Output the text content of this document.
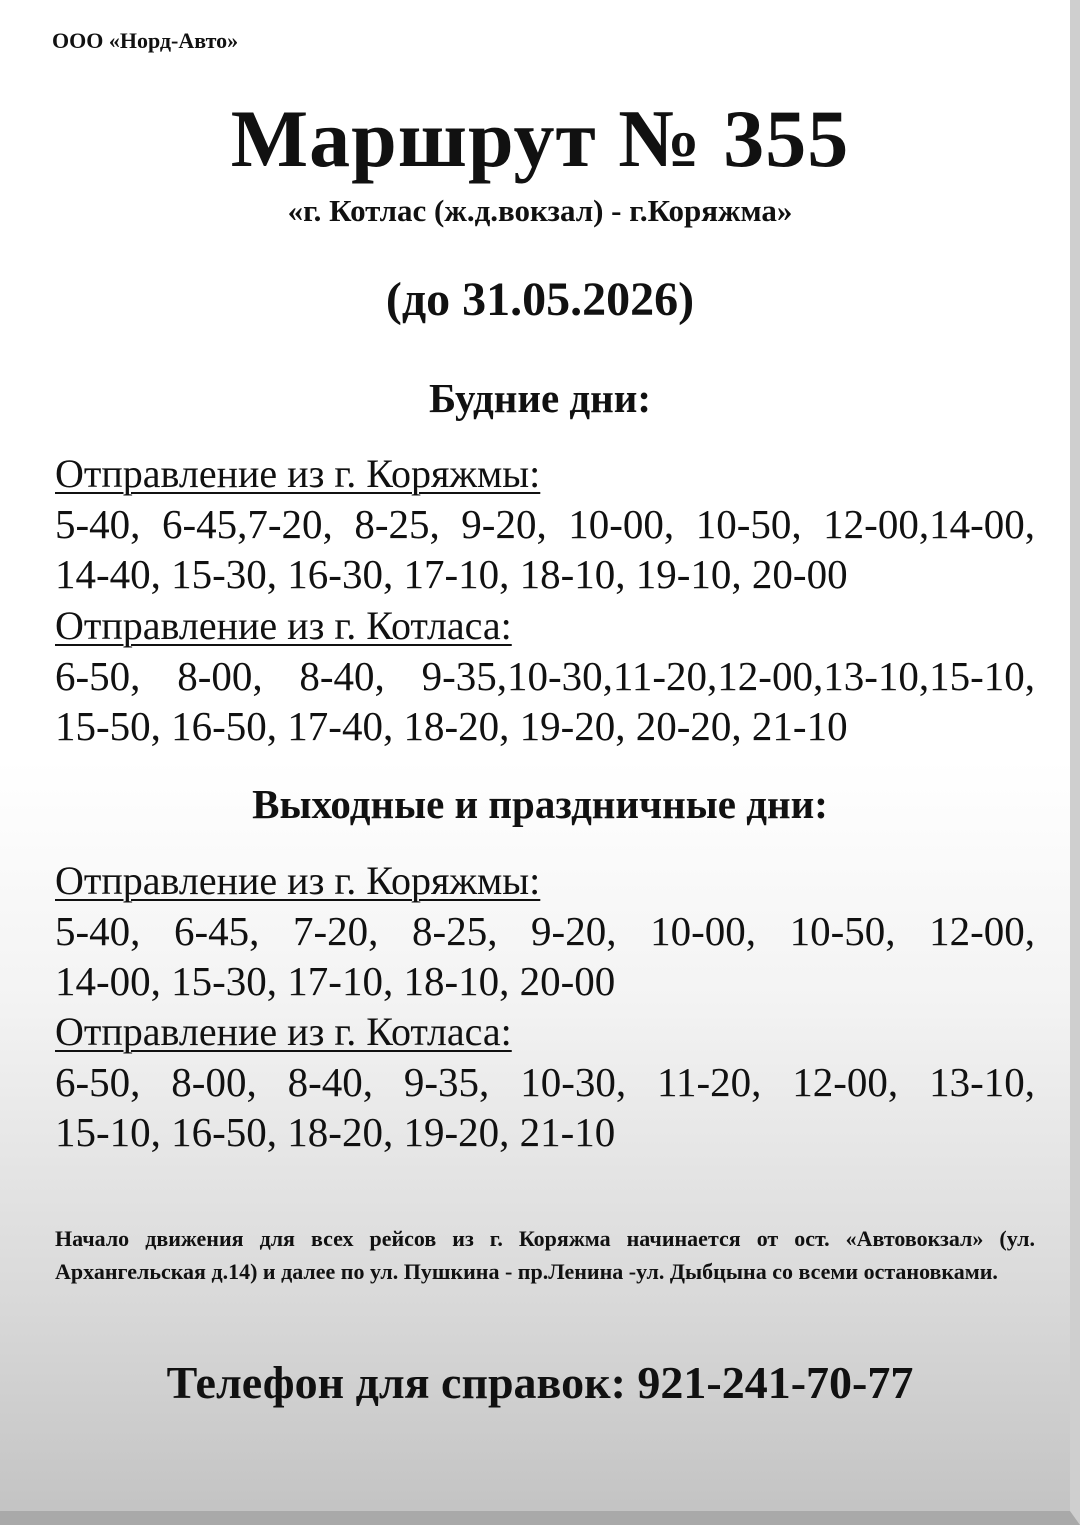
ООО «Норд-Авто»
Маршрут № 355
«г. Котлас (ж.д.вокзал) - г.Коряжма»
(до 31.05.2026)
Будние дни:
Отправление из г. Коряжмы:
5-40, 6-45,7-20, 8-25, 9-20, 10-00, 10-50, 12-00,14-00,
14-40, 15-30, 16-30, 17-10, 18-10, 19-10, 20-00
Отправление из г. Котласа:
6-50, 8-00, 8-40, 9-35,10-30,11-20,12-00,13-10,15-10,
15-50, 16-50, 17-40, 18-20, 19-20, 20-20, 21-10
Выходные и праздничные дни:
Отправление из г. Коряжмы:
5-40, 6-45, 7-20, 8-25, 9-20, 10-00, 10-50, 12-00,
14-00, 15-30, 17-10, 18-10, 20-00
Отправление из г. Котласа:
6-50, 8-00, 8-40, 9-35, 10-30, 11-20, 12-00, 13-10,
15-10, 16-50, 18-20, 19-20, 21-10
Начало движения для всех рейсов из г. Коряжма начинается от ост. «Автовокзал» (ул. Архангельская д.14) и далее по ул. Пушкина - пр.Ленина -ул. Дыбцына со всеми остановками.
Телефон для справок: 921-241-70-77
